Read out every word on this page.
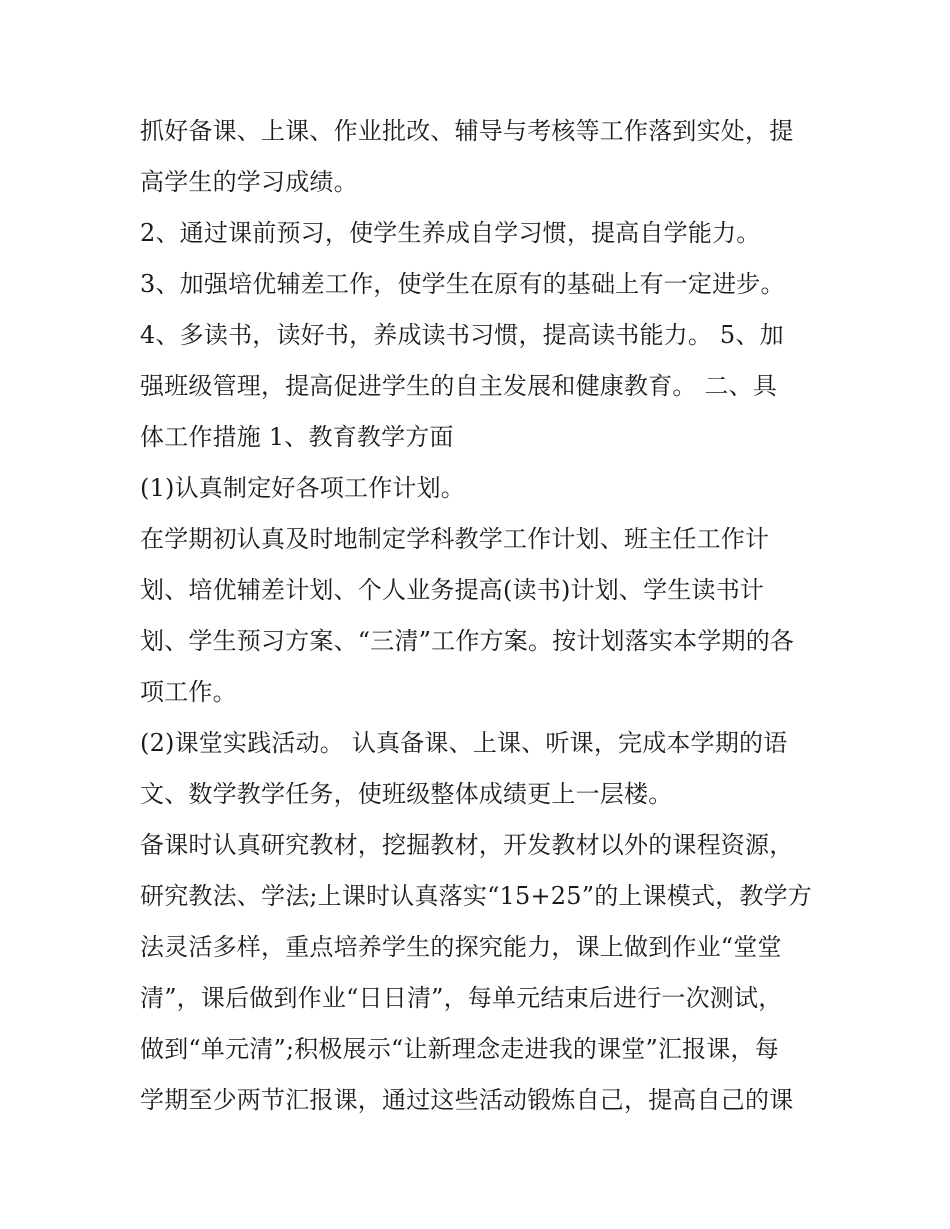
抓好备课、上课、作业批改、辅导与考核等工作落到实处，提
高学生的学习成绩。
2、通过课前预习，使学生养成自学习惯，提高自学能力。
3、加强培优辅差工作，使学生在原有的基础上有一定进步。
4、多读书，读好书，养成读书习惯，提高读书能力。 5、加
强班级管理，提高促进学生的自主发展和健康教育。 二、具
体工作措施 1、教育教学方面
(1)认真制定好各项工作计划。
在学期初认真及时地制定学科教学工作计划、班主任工作计
划、培优辅差计划、个人业务提高(读书)计划、学生读书计
划、学生预习方案、“三清”工作方案。按计划落实本学期的各
项工作。
(2)课堂实践活动。 认真备课、上课、听课，完成本学期的语
文、数学教学任务，使班级整体成绩更上一层楼。
备课时认真研究教材，挖掘教材，开发教材以外的课程资源，
研究教法、学法;上课时认真落实“15+25”的上课模式，教学方
法灵活多样，重点培养学生的探究能力，课上做到作业“堂堂
清”，课后做到作业“日日清”，每单元结束后进行一次测试，
做到“单元清”;积极展示“让新理念走进我的课堂”汇报课，每
学期至少两节汇报课，通过这些活动锻炼自己，提高自己的课
